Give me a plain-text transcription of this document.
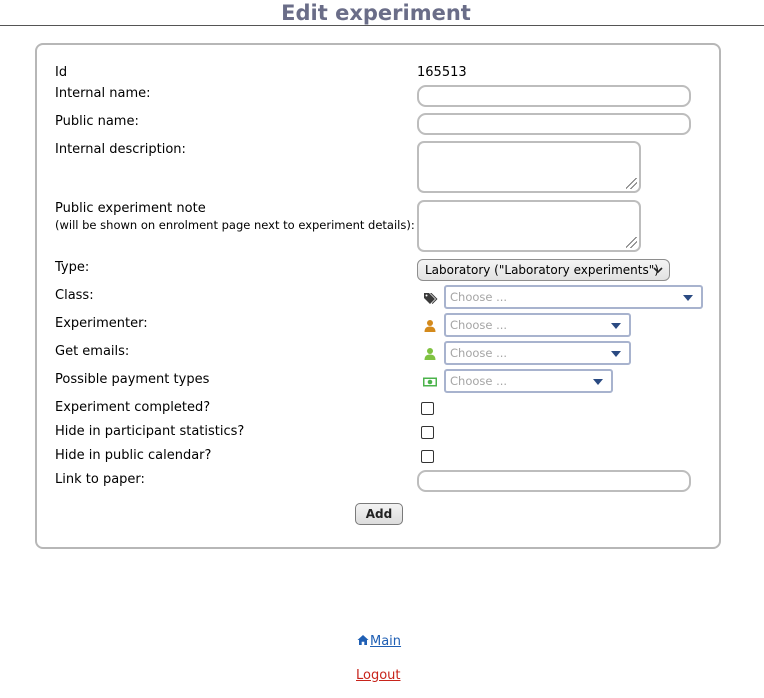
Edit experiment
Id	165513
Internal name:
Public name:
Internal description:
Public experiment note
(will be shown on enrolment page next to experiment details):
Type:	Laboratory ("Laboratory experiments")
Class:	Choose ...
Experimenter:	Choose ...
Get emails:	Choose ...
Possible payment types	Choose ...
Experiment completed?
Hide in participant statistics?
Hide in public calendar?
Link to paper:
Add
Main
Logout
